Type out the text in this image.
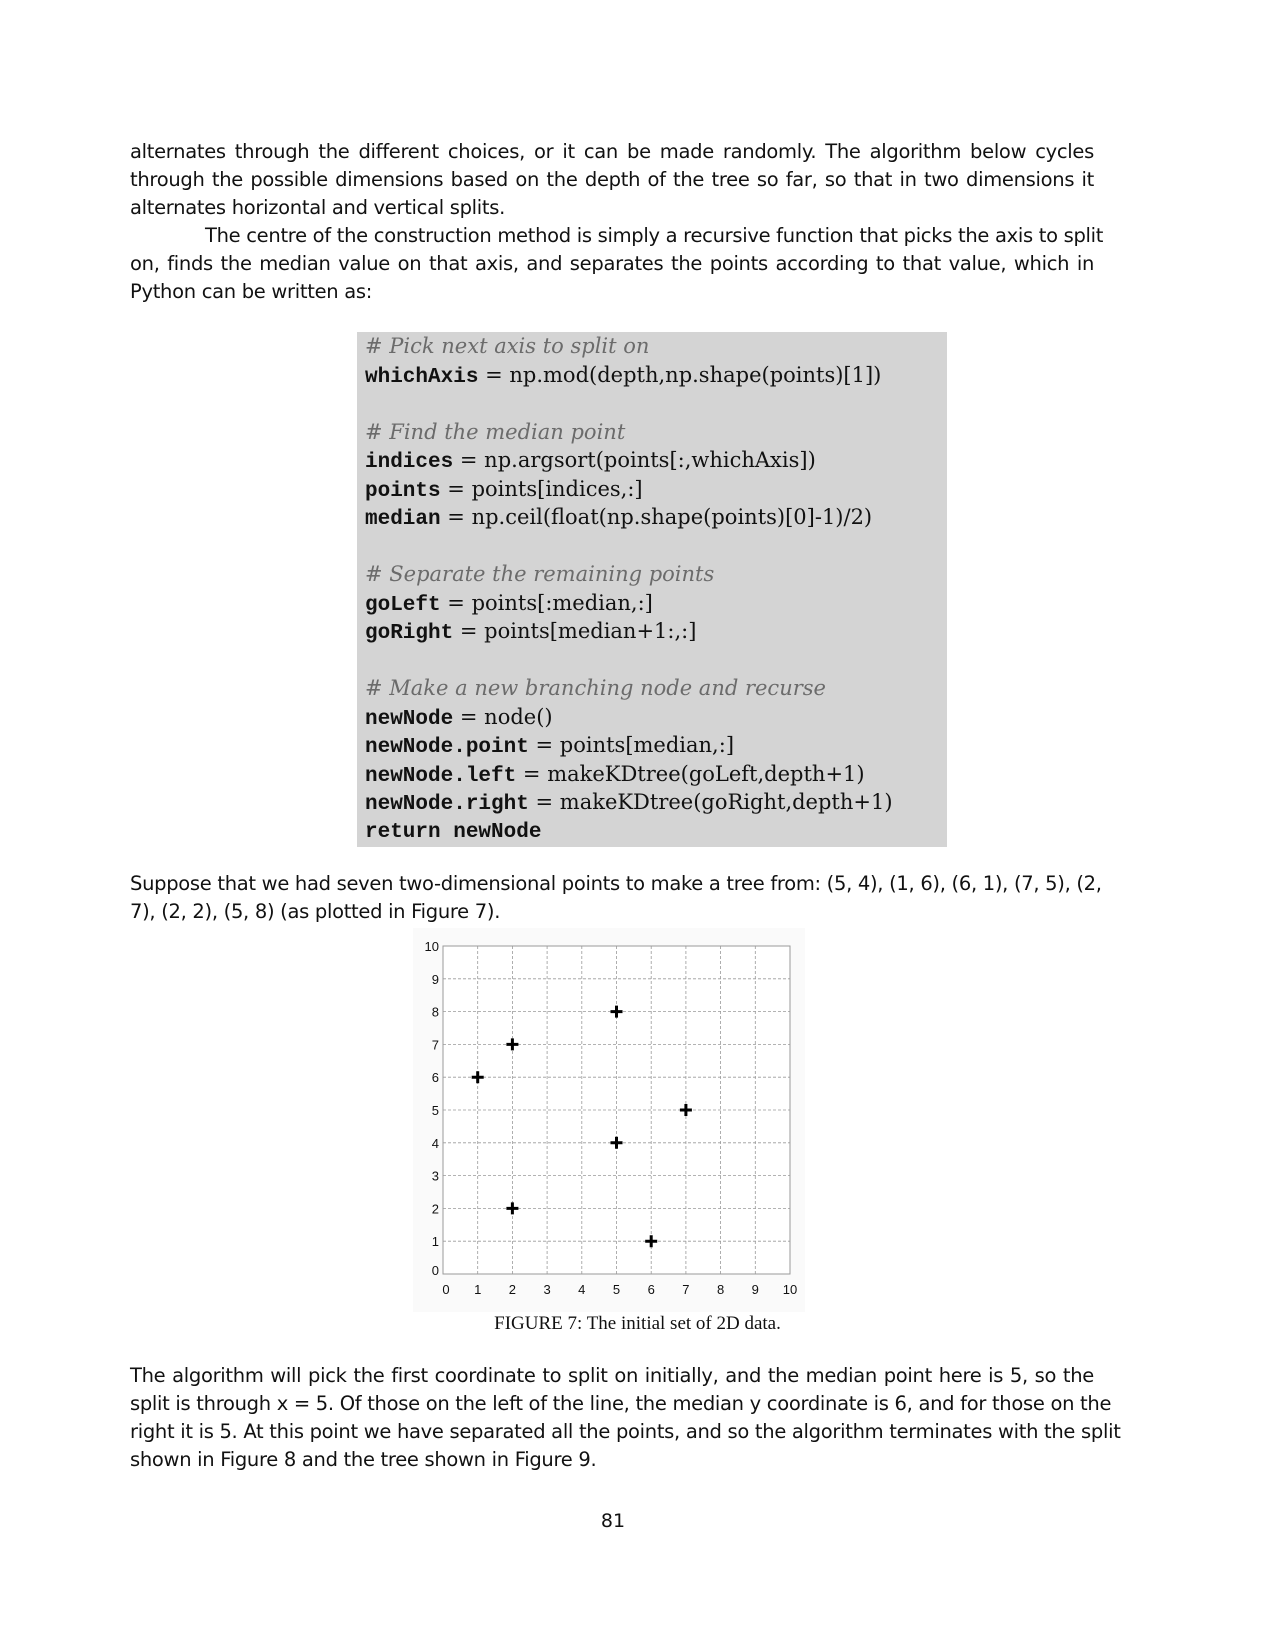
alternates through the different choices, or it can be made randomly. The algorithm below cycles
through the possible dimensions based on the depth of the tree so far, so that in two dimensions it
alternates horizontal and vertical splits.
The centre of the construction method is simply a recursive function that picks the axis to split
on, finds the median value on that axis, and separates the points according to that value, which in
Python can be written as:
# Pick next axis to split on
whichAxis = np.mod(depth,np.shape(points)[1])
# Find the median point
indices = np.argsort(points[:,whichAxis])
points = points[indices,:]
median = np.ceil(float(np.shape(points)[0]-1)/2)
# Separate the remaining points
goLeft = points[:median,:]
goRight = points[median+1:,:]
# Make a new branching node and recurse
newNode = node()
newNode.point = points[median,:]
newNode.left = makeKDtree(goLeft,depth+1)
newNode.right = makeKDtree(goRight,depth+1)
return newNode
Suppose that we had seven two-dimensional points to make a tree from: (5, 4), (1, 6), (6, 1), (7, 5), (2,
7), (2, 2), (5, 8) (as plotted in Figure 7).
0 1 2 3 4 5 6 7 8 9 10
0
1
2
3
4
5
6
7
8
9
10
FIGURE 7: The initial set of 2D data.
The algorithm will pick the first coordinate to split on initially, and the median point here is 5, so the
split is through x = 5. Of those on the left of the line, the median y coordinate is 6, and for those on the
right it is 5. At this point we have separated all the points, and so the algorithm terminates with the split
shown in Figure 8 and the tree shown in Figure 9.
81
